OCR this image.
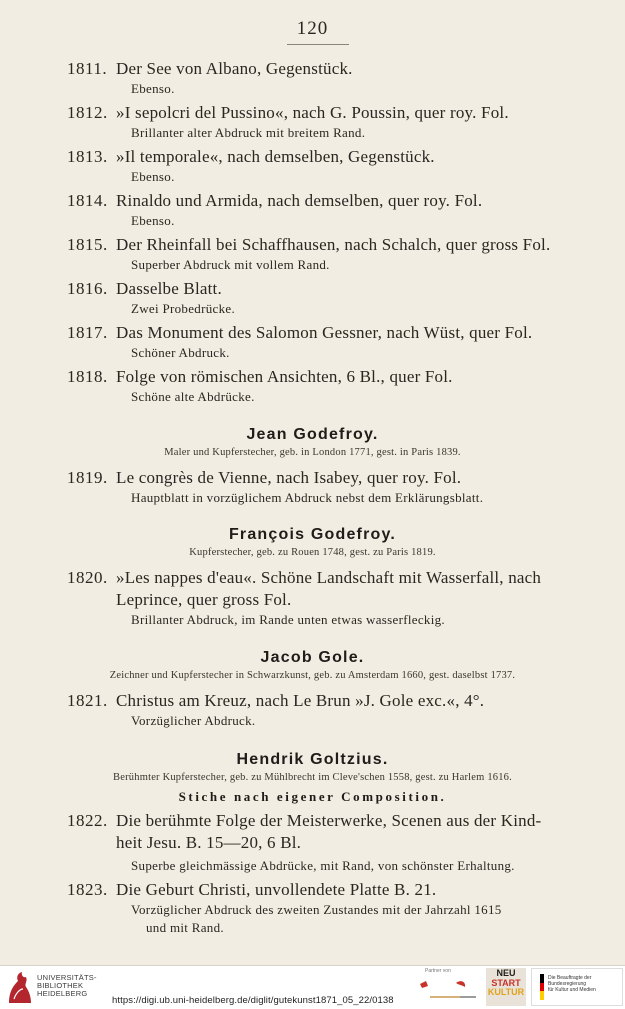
120
1811. Der See von Albano, Gegenstück.
Ebenso.
1812. »I sepolcri del Pussino«, nach G. Poussin, quer roy. Fol.
Brillanter alter Abdruck mit breitem Rand.
1813. »Il temporale«, nach demselben, Gegenstück.
Ebenso.
1814. Rinaldo und Armida, nach demselben, quer roy. Fol.
Ebenso.
1815. Der Rheinfall bei Schaffhausen, nach Schalch, quer gross Fol.
Superber Abdruck mit vollem Rand.
1816. Dasselbe Blatt.
Zwei Probedrücke.
1817. Das Monument des Salomon Gessner, nach Wüst, quer Fol.
Schöner Abdruck.
1818. Folge von römischen Ansichten, 6 Bl., quer Fol.
Schöne alte Abdrücke.
Jean Godefroy.
Maler und Kupferstecher, geb. in London 1771, gest. in Paris 1839.
1819. Le congrès de Vienne, nach Isabey, quer roy. Fol.
Hauptblatt in vorzüglichem Abdruck nebst dem Erklärungsblatt.
François Godefroy.
Kupferstecher, geb. zu Rouen 1748, gest. zu Paris 1819.
1820. »Les nappes d'eau«. Schöne Landschaft mit Wasserfall, nach
Leprince, quer gross Fol.
Brillanter Abdruck, im Rande unten etwas wasserfleckig.
Jacob Gole.
Zeichner und Kupferstecher in Schwarzkunst, geb. zu Amsterdam 1660, gest. daselbst 1737.
1821. Christus am Kreuz, nach Le Brun »J. Gole exc.«, 4°.
Vorzüglicher Abdruck.
Hendrik Goltzius.
Berühmter Kupferstecher, geb. zu Mühlbrecht im Cleve'schen 1558, gest. zu Harlem 1616.
Stiche nach eigener Composition.
1822. Die berühmte Folge der Meisterwerke, Scenen aus der Kind-
heit Jesu. B. 15—20, 6 Bl.
Superbe gleichmässige Abdrücke, mit Rand, von schönster Erhaltung.
1823. Die Geburt Christi, unvollendete Platte B. 21.
Vorzüglicher Abdruck des zweiten Zustandes mit der Jahrzahl 1615
und mit Rand.
UNIVERSITÄTS-
BIBLIOTHEK
HEIDELBERG
https://digi.ub.uni-heidelberg.de/diglit/gutekunst1871_05_22/0138
Partner von	NEU
START
KULTUR
Die Beauftragte der Bundesregierung
für Kultur und Medien
